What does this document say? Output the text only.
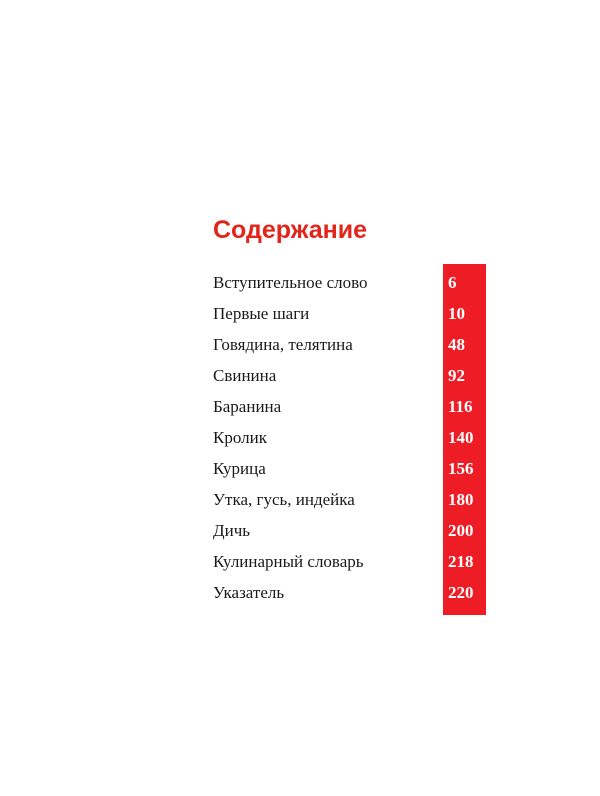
Содержание
Вступительное слово	6
Первые шаги	10
Говядина, телятина	48
Свинина	92
Баранина	116
Кролик	140
Курица	156
Утка, гусь, индейка	180
Дичь	200
Кулинарный словарь	218
Указатель	220
